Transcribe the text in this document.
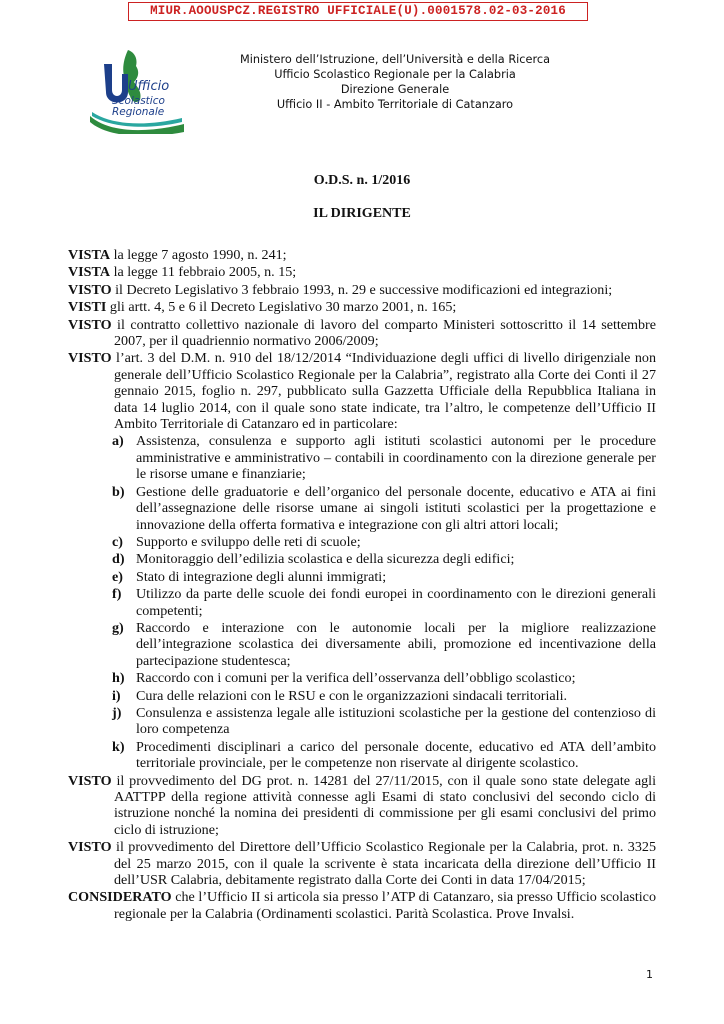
MIUR.AOOUSPCZ.REGISTRO UFFICIALE(U).0001578.02-03-2016
MIUR
Ufficio
Scolastico
Regionale
Ministero dell’Istruzione, dell’Università e della Ricerca
Ufficio Scolastico Regionale per la Calabria
Direzione Generale
Ufficio II - Ambito Territoriale di Catanzaro
O.D.S. n. 1/2016
IL DIRIGENTE

VISTA la legge 7 agosto 1990, n. 241;

VISTA la legge 11 febbraio 2005, n. 15;

VISTO il Decreto Legislativo 3 febbraio 1993, n. 29 e successive modificazioni ed integrazioni;

VISTI gli artt. 4, 5 e 6 il Decreto Legislativo 30 marzo 2001, n. 165;

VISTO il contratto collettivo nazionale di lavoro del comparto Ministeri sottoscritto il 14 settembre 2007, per il quadriennio normativo 2006/2009;

VISTO l’art. 3 del D.M. n. 910 del 18/12/2014 “Individuazione degli uffici di livello dirigenziale non generale dell’Ufficio Scolastico Regionale per la Calabria”, registrato alla Corte dei Conti il 27 gennaio 2015, foglio n. 297, pubblicato sulla Gazzetta Ufficiale della Repubblica Italiana in data 14 luglio 2014, con il quale sono state indicate, tra l’altro, le competenze dell’Ufficio II Ambito Territoriale di Catanzaro ed in particolare:

a) Assistenza, consulenza e supporto agli istituti scolastici autonomi per le procedure amministrative e amministrativo – contabili in coordinamento con la direzione generale per le risorse umane e finanziarie;
b) Gestione delle graduatorie e dell’organico del personale docente, educativo e ATA ai fini dell’assegnazione delle risorse umane ai singoli istituti scolastici per la progettazione e innovazione della offerta formativa e integrazione con gli altri attori locali;
c) Supporto e sviluppo delle reti di scuole;
d) Monitoraggio dell’edilizia scolastica e della sicurezza degli edifici;
e) Stato di integrazione degli alunni immigrati;
f) Utilizzo da parte delle scuole dei fondi europei in coordinamento con le direzioni generali competenti;
g) Raccordo e interazione con le autonomie locali per la migliore realizzazione dell’integrazione scolastica dei diversamente abili, promozione ed incentivazione della partecipazione studentesca;
h) Raccordo con i comuni per la verifica dell’osservanza dell’obbligo scolastico;
i) Cura delle relazioni con le RSU e con le organizzazioni sindacali territoriali.
j) Consulenza e assistenza legale alle istituzioni scolastiche per la gestione del contenzioso di loro competenza
k) Procedimenti disciplinari a carico del personale docente, educativo ed ATA dell’ambito territoriale provinciale, per le competenze non riservate al dirigente scolastico.

VISTO il provvedimento del DG prot. n. 14281 del 27/11/2015, con il quale sono state delegate agli AATTPP della regione attività connesse agli Esami di stato conclusivi del secondo ciclo di istruzione nonché la nomina dei presidenti di commissione per gli esami conclusivi del primo ciclo di istruzione;

VISTO il provvedimento del Direttore dell’Ufficio Scolastico Regionale per la Calabria, prot. n. 3325 del 25 marzo 2015, con il quale la scrivente è stata incaricata della direzione dell’Ufficio II dell’USR Calabria, debitamente registrato dalla Corte dei Conti in data 17/04/2015;

CONSIDERATO che l’Ufficio II si articola sia presso l’ATP di Catanzaro, sia presso Ufficio scolastico regionale per la Calabria (Ordinamenti scolastici. Parità Scolastica. Prove Invalsi.

1
